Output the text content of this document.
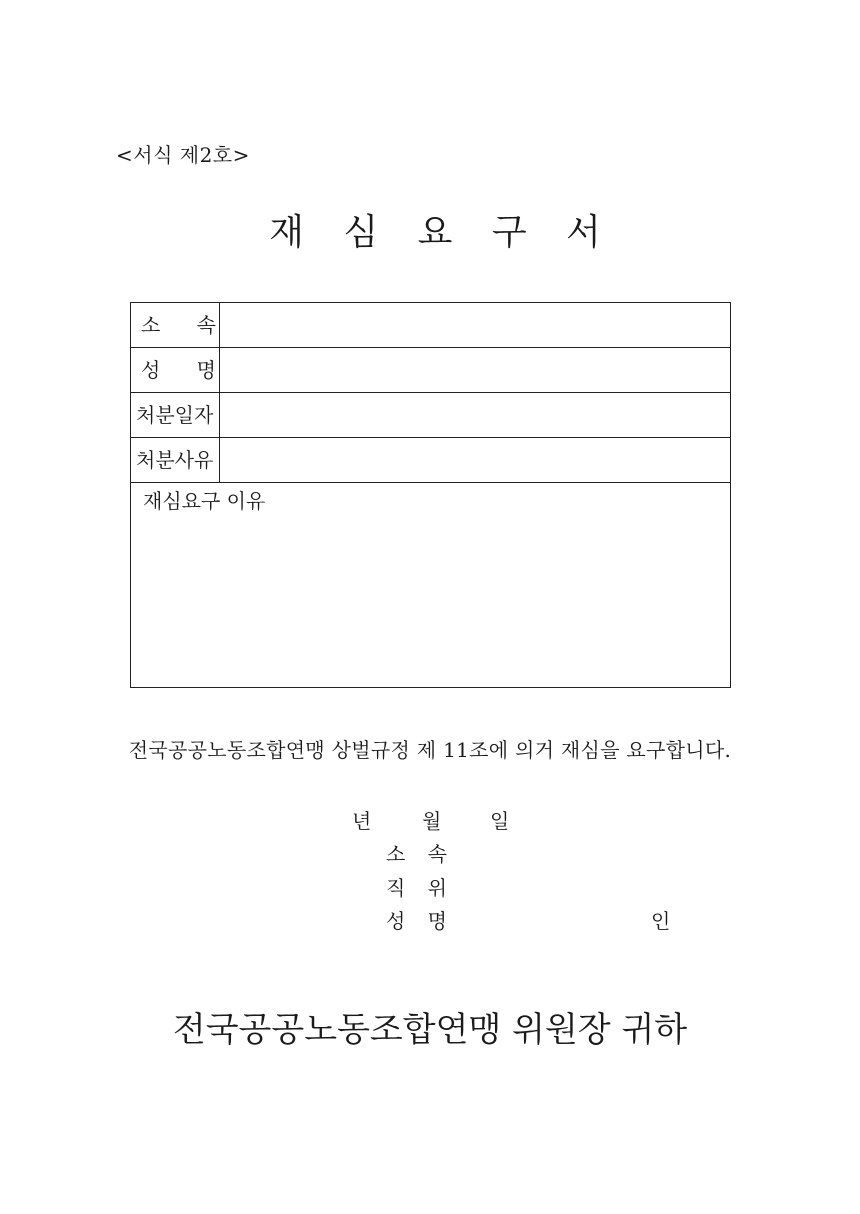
<서식 제2호>
재 심 요 구 서
소 속
성 명
처분일자
처분사유
재심요구 이유
전국공공노동조합연맹 상벌규정 제 11조에 의거 재심을 요구합니다.
년	월 일
소 속
직 위
성 명	인
전국공공노동조합연맹 위원장 귀하
